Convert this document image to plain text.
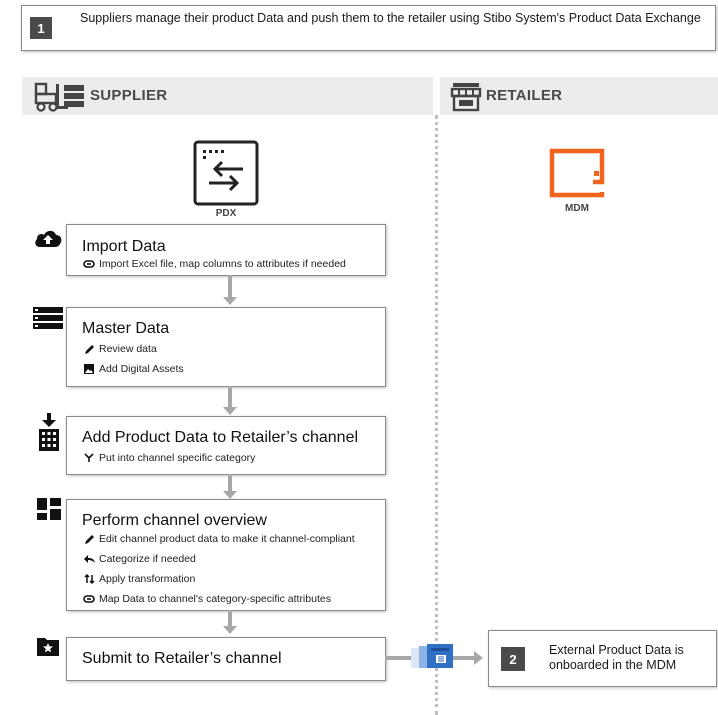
1
Suppliers manage their product Data and push them to the retailer using Stibo System's Product Data Exchange
SUPPLIER	RETAILER
PDX	MDM
Import Data
Import Excel file, map columns to attributes if needed
Master Data
Review data
Add Digital Assets
Add Product Data to Retailer’s channel
Put into channel specific category
Perform channel overview
Edit channel product data to make it channel-compliant
Categorize if needed
Apply transformation
Map Data to channel's category-specific attributes
Submit to Retailer’s channel	2
External Product Data is onboarded in the MDM
